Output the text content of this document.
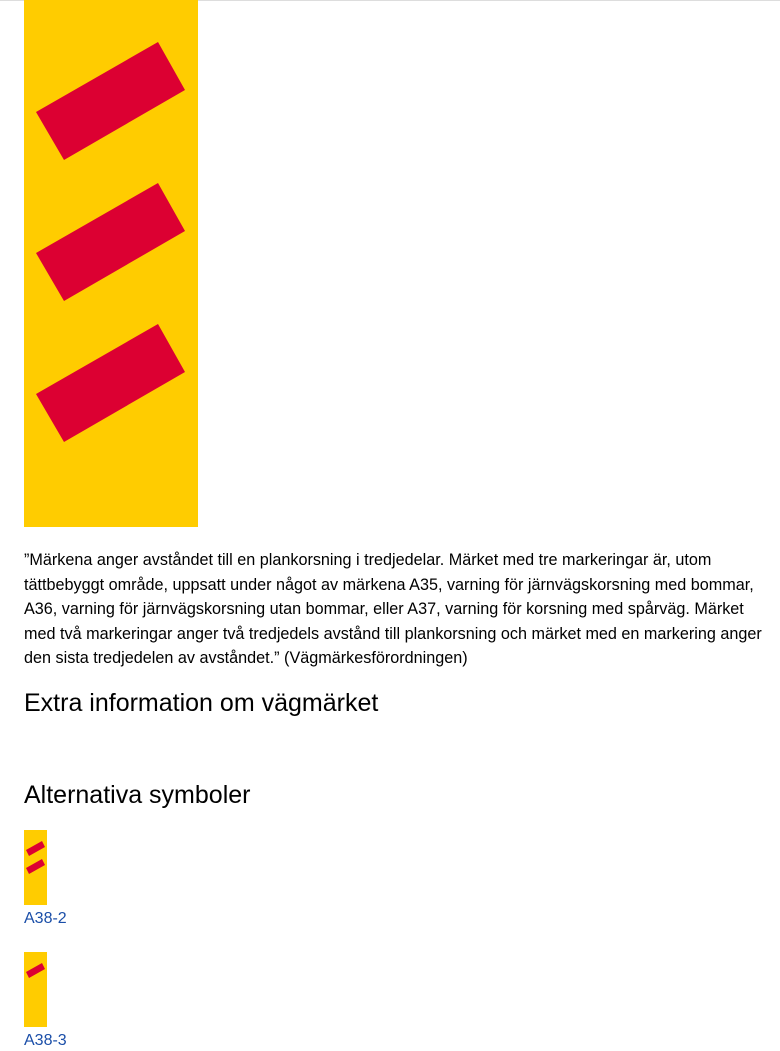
”Märkena anger avståndet till en plankorsning i tredjedelar. Märket med tre markeringar är, utom tättbebyggt område, uppsatt under något av märkena A35, varning för järnvägskorsning med bommar, A36, varning för järnvägskorsning utan bommar, eller A37, varning för korsning med spårväg. Märket med två markeringar anger två tredjedels avstånd till plankorsning och märket med en markering anger den sista tredjedelen av avståndet.” (Vägmärkesförordningen)

Extra information om vägmärket
Alternativa symboler
A38-2
A38-3
